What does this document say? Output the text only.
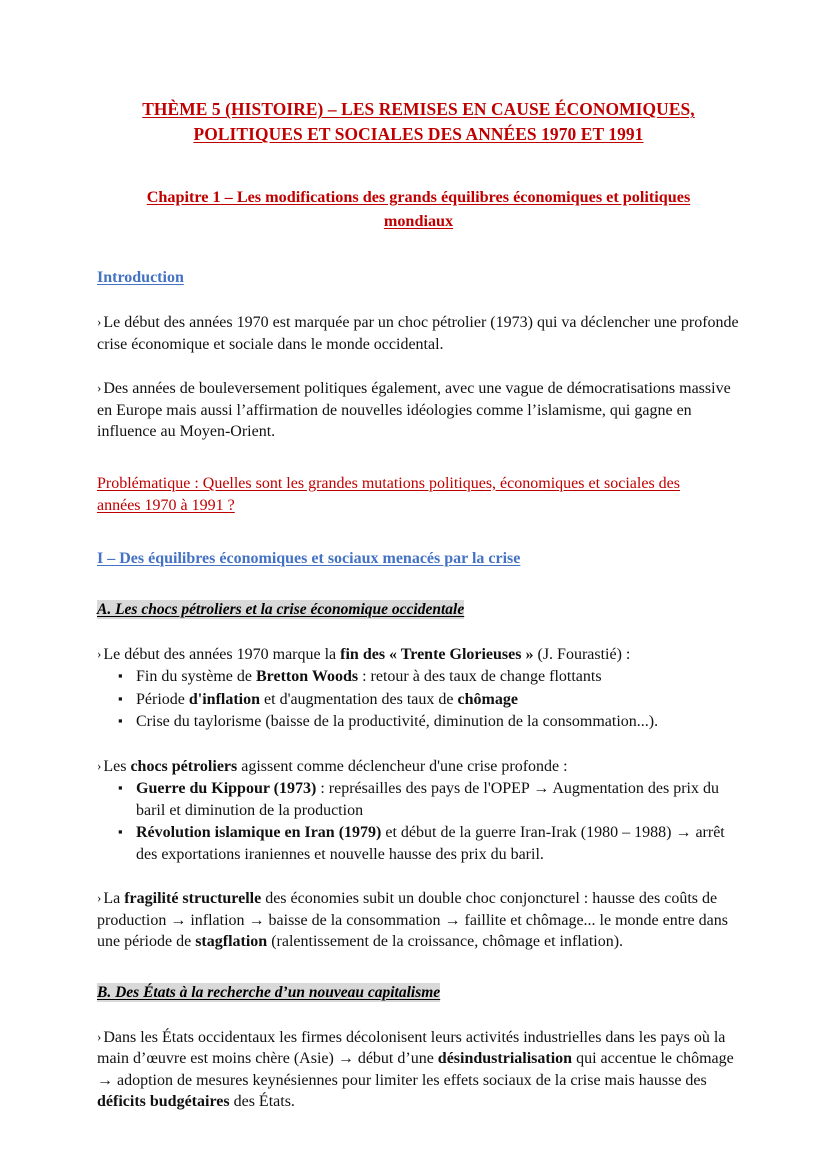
THÈME 5 (HISTOIRE) – LES REMISES EN CAUSE ÉCONOMIQUES,
POLITIQUES ET SOCIALES DES ANNÉES 1970 ET 1991
Chapitre 1 – Les modifications des grands équilibres économiques et politiques mondiaux
Introduction

› Le début des années 1970 est marquée par un choc pétrolier (1973) qui va déclencher une profonde crise économique et sociale dans le monde occidental.

› Des années de bouleversement politiques également, avec une vague de démocratisations massive en Europe mais aussi l’affirmation de nouvelles idéologies comme l’islamisme, qui gagne en influence au Moyen-Orient.

Problématique : Quelles sont les grandes mutations politiques, économiques et sociales des années 1970 à 1991 ?

I – Des équilibres économiques et sociaux menacés par la crise
A. Les chocs pétroliers et la crise économique occidentale

› Le début des années 1970 marque la fin des « Trente Glorieuses » (J. Fourastié) :

▪ Fin du système de Bretton Woods : retour à des taux de change flottants
▪ Période d'inflation et d'augmentation des taux de chômage
▪ Crise du taylorisme (baisse de la productivité, diminution de la consommation...).

› Les chocs pétroliers agissent comme déclencheur d'une crise profonde :

▪ Guerre du Kippour (1973) : représailles des pays de l'OPEP → Augmentation des prix du baril et diminution de la production
▪ Révolution islamique en Iran (1979) et début de la guerre Iran-Irak (1980 – 1988) → arrêt des exportations iraniennes et nouvelle hausse des prix du baril.

› La fragilité structurelle des économies subit un double choc conjoncturel : hausse des coûts de production → inflation → baisse de la consommation → faillite et chômage... le monde entre dans une période de stagflation (ralentissement de la croissance, chômage et inflation).

B. Des États à la recherche d’un nouveau capitalisme

› Dans les États occidentaux les firmes décolonisent leurs activités industrielles dans les pays où la main d’œuvre est moins chère (Asie) → début d’une désindustrialisation qui accentue le chômage → adoption de mesures keynésiennes pour limiter les effets sociaux de la crise mais hausse des déficits budgétaires des États.
